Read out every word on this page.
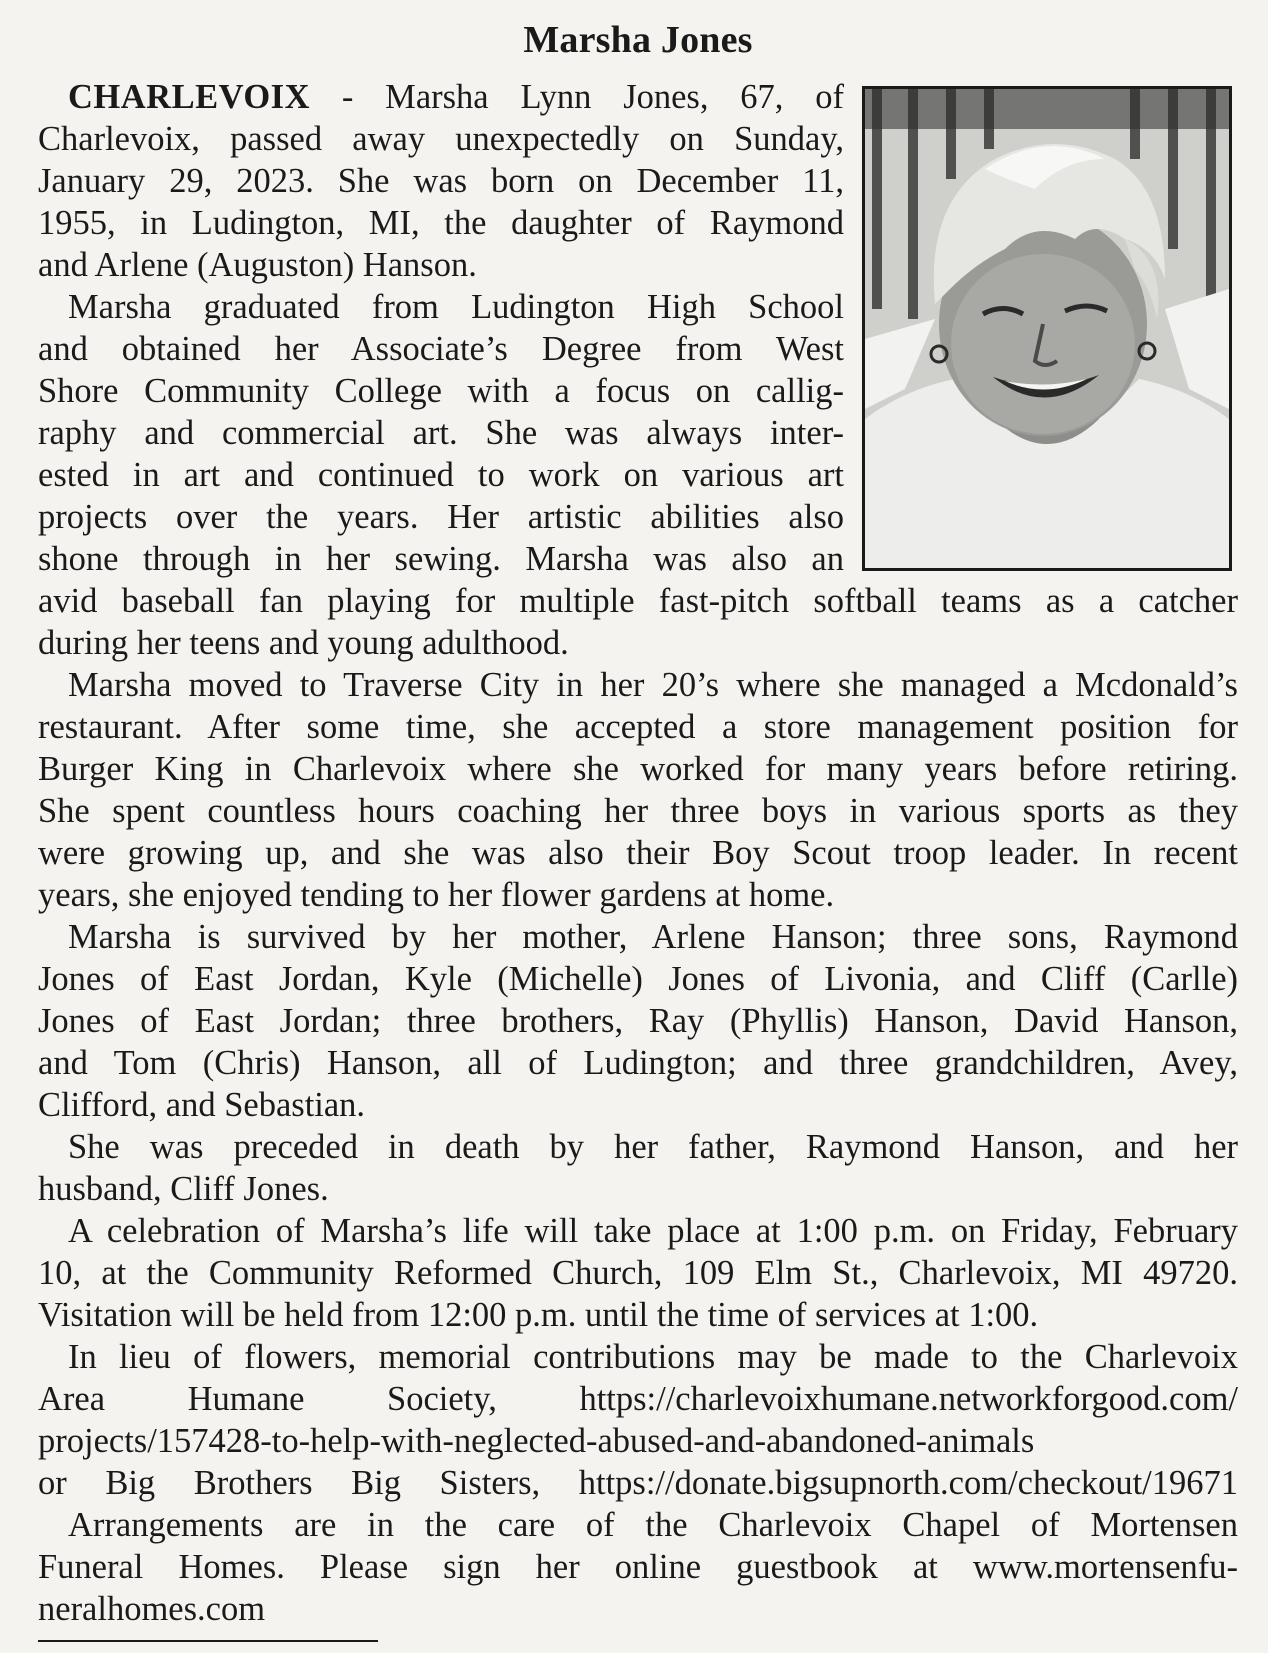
Marsha Jones
CHARLEVOIX - Marsha Lynn Jones, 67, of
Charlevoix, passed away unexpectedly on Sunday,
January 29, 2023. She was born on December 11,
1955, in Ludington, MI, the daughter of Raymond
and Arlene (Auguston) Hanson.
Marsha graduated from Ludington High School
and obtained her Associate’s Degree from West
Shore Community College with a focus on callig-
raphy and commercial art. She was always inter-
ested in art and continued to work on various art
projects over the years. Her artistic abilities also
shone through in her sewing. Marsha was also an
avid baseball fan playing for multiple fast-pitch softball teams as a catcher
during her teens and young adulthood.
Marsha moved to Traverse City in her 20’s where she managed a Mcdonald’s
restaurant. After some time, she accepted a store management position for
Burger King in Charlevoix where she worked for many years before retiring.
She spent countless hours coaching her three boys in various sports as they
were growing up, and she was also their Boy Scout troop leader. In recent
years, she enjoyed tending to her flower gardens at home.
Marsha is survived by her mother, Arlene Hanson; three sons, Raymond
Jones of East Jordan, Kyle (Michelle) Jones of Livonia, and Cliff (Carlle)
Jones of East Jordan; three brothers, Ray (Phyllis) Hanson, David Hanson,
and Tom (Chris) Hanson, all of Ludington; and three grandchildren, Avey,
Clifford, and Sebastian.
She was preceded in death by her father, Raymond Hanson, and her
husband, Cliff Jones.
A celebration of Marsha’s life will take place at 1:00 p.m. on Friday, February
10, at the Community Reformed Church, 109 Elm St., Charlevoix, MI 49720.
Visitation will be held from 12:00 p.m. until the time of services at 1:00.
In lieu of flowers, memorial contributions may be made to the Charlevoix
Area Humane Society, https://charlevoixhumane.networkforgood.com/
projects/157428-to-help-with-neglected-abused-and-abandoned-animals
or Big Brothers Big Sisters, https://donate.bigsupnorth.com/checkout/19671
Arrangements are in the care of the Charlevoix Chapel of Mortensen
Funeral Homes. Please sign her online guestbook at www.mortensenfu-
neralhomes.com
